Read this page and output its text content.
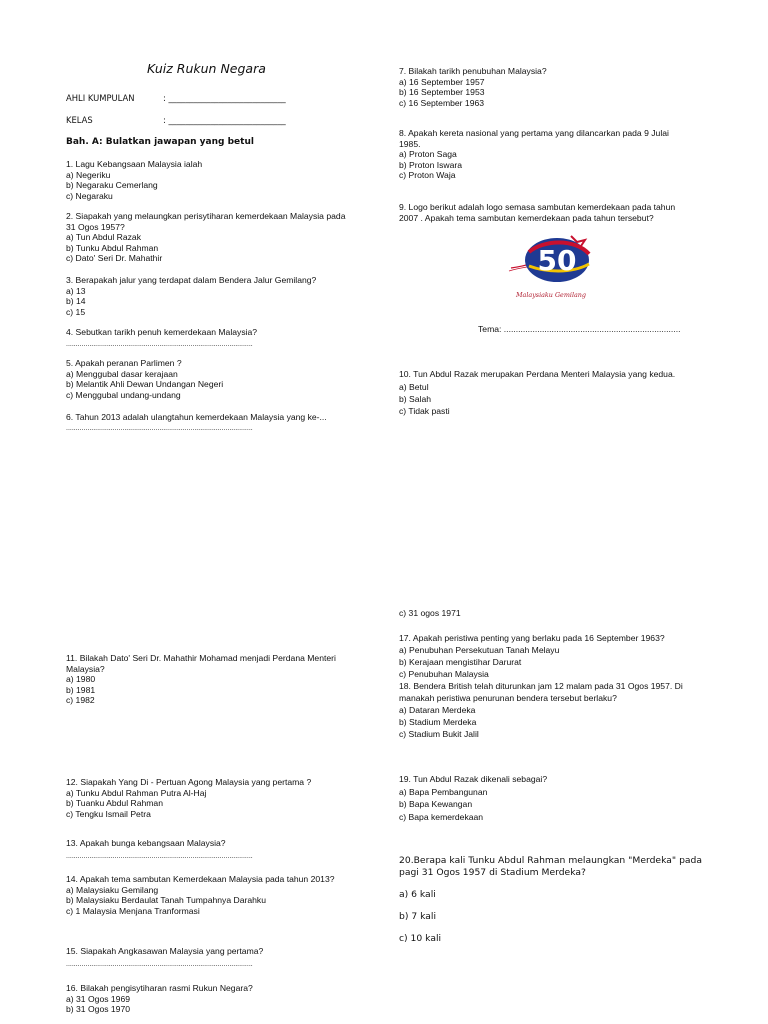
Kuiz Rukun Negara
AHLI KUMPULAN	: ____________________________
KELAS	: ____________________________
Bah. A: Bulatkan jawapan yang betul
1. Lagu Kebangsaan Malaysia ialah
a) Negeriku
b) Negaraku Cemerlang
c) Negaraku
2. Siapakah yang melaungkan perisytiharan kemerdekaan Malaysia pada
31 Ogos 1957?
a) Tun Abdul Razak
b) Tunku Abdul Rahman
c) Dato' Seri Dr. Mahathir
3. Berapakah jalur yang terdapat dalam Bendera Jalur Gemilang?
a) 13
b) 14
c) 15
4. Sebutkan tarikh penuh kemerdekaan Malaysia?
................................................................................................
5. Apakah peranan Parlimen ?
a) Menggubal dasar kerajaan
b) Melantik Ahli Dewan Undangan Negeri
c) Menggubal undang-undang
6. Tahun 2013 adalah ulangtahun kemerdekaan Malaysia yang ke-...
................................................................................................
11. Bilakah Dato' Seri Dr. Mahathir Mohamad menjadi Perdana Menteri
Malaysia?
a) 1980
b) 1981
c) 1982
12. Siapakah Yang Di - Pertuan Agong Malaysia yang pertama ?
a) Tunku Abdul Rahman Putra Al-Haj
b) Tuanku Abdul Rahman
c) Tengku Ismail Petra
13. Apakah bunga kebangsaan Malaysia?
................................................................................................
14. Apakah tema sambutan Kemerdekaan Malaysia pada tahun 2013?
a) Malaysiaku Gemilang
b) Malaysiaku Berdaulat Tanah Tumpahnya Darahku
c) 1 Malaysia Menjana Tranformasi
15. Siapakah Angkasawan Malaysia yang pertama?
................................................................................................
16. Bilakah pengisytiharan rasmi Rukun Negara?
a) 31 Ogos 1969
b) 31 Ogos 1970
7. Bilakah tarikh penubuhan Malaysia?
a) 16 September 1957
b) 16 September 1953
c) 16 September 1963
8. Apakah kereta nasional yang pertama yang dilancarkan pada 9 Julai
1985.
a) Proton Saga
b) Proton Iswara
c) Proton Waja
9. Logo berikut adalah logo semasa sambutan kemerdekaan pada tahun
2007 . Apakah tema sambutan kemerdekaan pada tahun tersebut?
50
Malaysiaku Gemilang
Tema: ..........................................................................
10. Tun Abdul Razak merupakan Perdana Menteri Malaysia yang kedua.
a) Betul
b) Salah
c) Tidak pasti
c) 31 ogos 1971
17. Apakah peristiwa penting yang berlaku pada 16 September 1963?
a) Penubuhan Persekutuan Tanah Melayu
b) Kerajaan mengistihar Darurat
c) Penubuhan Malaysia
18. Bendera British telah diturunkan jam 12 malam pada 31 Ogos 1957. Di
manakah peristiwa penurunan bendera tersebut berlaku?
a) Dataran Merdeka
b) Stadium Merdeka
c) Stadium Bukit Jalil
19. Tun Abdul Razak dikenali sebagai?
a) Bapa Pembangunan
b) Bapa Kewangan
c) Bapa kemerdekaan
20.Berapa kali Tunku Abdul Rahman melaungkan "Merdeka" pada pagi 31 Ogos 1957 di Stadium Merdeka?
a) 6 kali
b) 7 kali
c) 10 kali
